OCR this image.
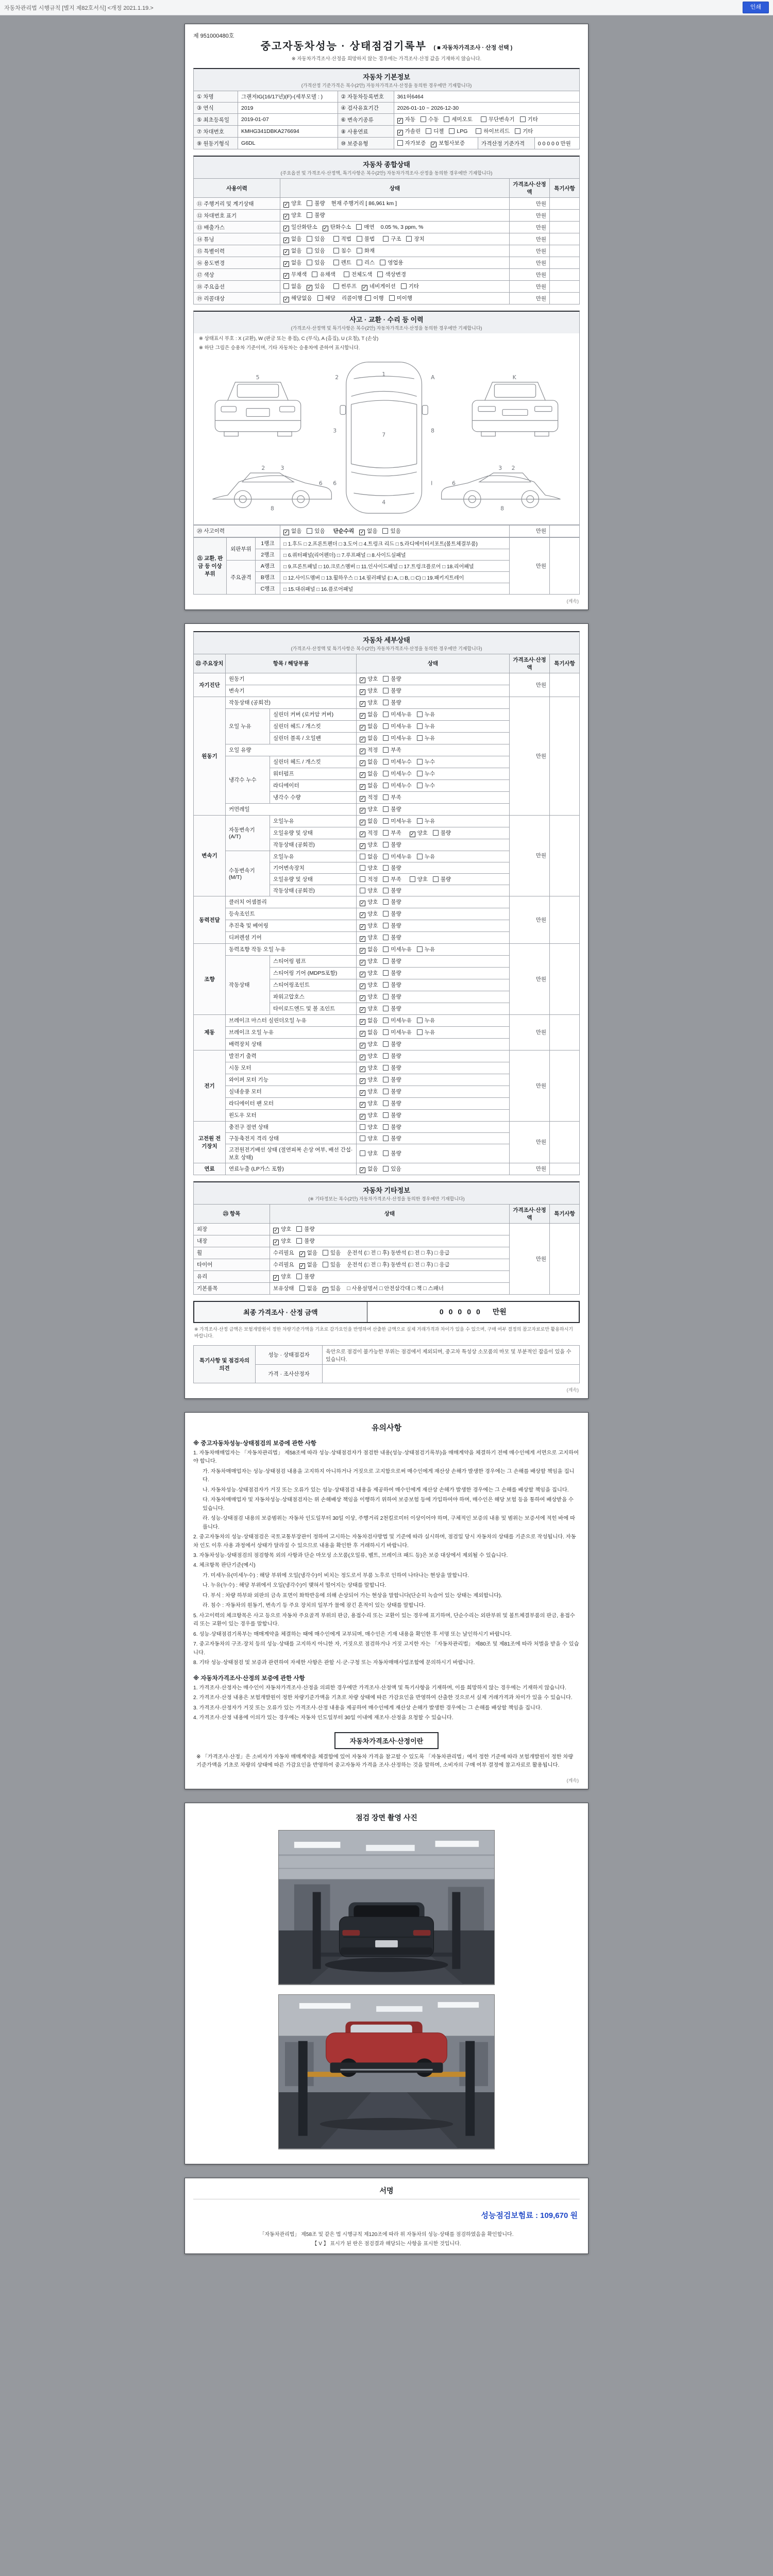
자동차관리법 시행규칙 [별지 제82호서식] <개정 2021.1.19.>	인쇄
제 951000480호
중고자동차성능 · 상태점검기록부 ( ■ 자동차가격조사 · 산정 선택 )
※ 자동차가격조사·산정을 희망하지 않는 경우에는 가격조사·산정 값을 기재하지 않습니다.
자동차 기본정보
(가격산정 기준가격은 복수(2안) 자동차가격조사·산정을 동의한 경우에만 기재합니다)
① 차명	그랜저IG(16/17년)(F)-(세부모델 : )	② 자동차등록번호	361허6464		
③ 연식	2019	④ 검사유효기간	2026-01-10 ~ 2026-12-30		
⑤ 최초등록일	2019-01-07	⑥ 변속기종류	✓ 자동 수동 세미오토 무단변속기 기타		
⑦ 차대번호	KMHG341DBKA276694	⑧ 사용연료	✓ 가솔린 디젤 LPG 하이브리드 기타		
⑨ 원동기형식	G6DL	⑩ 보증유형	자가보증 ✓ 보험사보증	가격산정 기준가격	0 0 0 0 0 만원
자동차 종합상태
(주요옵션 및 가격조사·산정액, 특기사항은 복수(2안) 자동차가격조사·산정을 동의한 경우에만 기재합니다)
사용이력	상태	가격조사·산정액	특기사항
⑪ 주행거리 및 계기상태	✓ 양호 불량 현재 주행거리 [ 86,961 km ]	만원	
⑫ 차대번호 표기	✓ 양호 불량	만원	
⑬ 배출가스	✓ 일산화탄소 ✓ 탄화수소 매연 0.05 %, 3 ppm, %	만원	
⑭ 튜닝	✓ 없음 있음 적법 불법 구조 장치	만원	
⑮ 특별이력	✓ 없음 있음 침수 화재	만원	
⑯ 용도변경	✓ 없음 있음 렌트 리스 영업용	만원	
⑰ 색상	✓ 무채색 유채색 전체도색 색상변경	만원	
⑱ 주요옵션	없음 ✓ 있음 썬루프 ✓ 네비게이션 기타	만원	
⑲ 리콜대상	✓ 해당없음 해당 리콜이행 : 이행 미이행	만원	
사고 · 교환 · 수리 등 이력
(가격조사·산정액 및 특기사항은 복수(2안) 자동차가격조사·산정을 동의한 경우에만 기재합니다)
※ 상태표시 부호 : X (교환), W (판금 또는 용접), C (부식), A (흠집), U (요철), T (손상)
※ 하단 그림은 승용차 기준이며, 기타 자동차는 승용차에 준하여 표시합니다.
5	1
7
4
2
3
6
8
A
I
2	3
6
8
3 2
6
8
K
⑳ 사고이력	✓ 없음 있음 단순수리 ✓ 없음 있음	만원	
㉑ 교환, 판금 등 이상 부위	외판부위	1랭크	□ 1.후드 □ 2.프론트펜더 □ 3.도어 □ 4.트렁크 리드 □ 5.라디에이터서포트(볼트체결부품)	만원	
		2랭크	□ 6.쿼터패널(리어펜더) □ 7.루프패널 □ 8.사이드실패널		
	주요골격	A랭크	□ 9.프론트패널 □ 10.크로스멤버 □ 11.인사이드패널 □ 17.트렁크플로어 □ 18.리어패널		
		B랭크	□ 12.사이드멤버 □ 13.휠하우스 □ 14.필러패널 (□ A, □ B, □ C) □ 19.패키지트레이		
		C랭크	□ 15.대쉬패널 □ 16.플로어패널		
(계속)
자동차 세부상태
(가격조사·산정액 및 특기사항은 복수(2안) 자동차가격조사·산정을 동의한 경우에만 기재합니다)
㉒ 주요장치	항목 / 해당부품		상태	가격조사·산정액	특기사항
자기진단	원동기		✓ 양호 불량	만원	
	변속기		✓ 양호 불량		
원동기	작동상태 (공회전)		✓ 양호 불량	만원	
	오일 누유	실린더 커버 (로커암 커버)	✓ 없음 미세누유 누유		
		실린더 헤드 / 개스킷	✓ 없음 미세누유 누유		
		실린더 블록 / 오일팬	✓ 없음 미세누유 누유		
	오일 유량		✓ 적정 부족		
	냉각수 누수	실린더 헤드 / 개스킷	✓ 없음 미세누수 누수		
		워터펌프	✓ 없음 미세누수 누수		
		라디에이터	✓ 없음 미세누수 누수		
		냉각수 수량	✓ 적정 부족		
	커먼레일		✓ 양호 불량		
변속기	자동변속기 (A/T)	오일누유	✓ 없음 미세누유 누유	만원	
		오일유량 및 상태	✓ 적정 부족 ✓ 양호 불량		
		작동상태 (공회전)	✓ 양호 불량		
	수동변속기 (M/T)	오일누유	없음 미세누유 누유		
		기어변속장치	양호 불량		
		오일유량 및 상태	적정 부족 양호 불량		
		작동상태 (공회전)	양호 불량		
동력전달	클러치 어셈블리		✓ 양호 불량	만원	
	등속조인트		✓ 양호 불량		
	추진축 및 베어링		✓ 양호 불량		
	디퍼렌셜 기어		✓ 양호 불량		
조향	동력조향 작동 오일 누유		✓ 없음 미세누유 누유	만원	
	작동상태	스티어링 펌프	✓ 양호 불량		
		스티어링 기어 (MDPS포함)	✓ 양호 불량		
		스티어링조인트	✓ 양호 불량		
		파워고압호스	✓ 양호 불량		
		타이로드엔드 및 볼 조인트	✓ 양호 불량		
제동	브레이크 마스터 실린더오일 누유		✓ 없음 미세누유 누유	만원	
	브레이크 오일 누유		✓ 없음 미세누유 누유		
	배력장치 상태		✓ 양호 불량		
전기	발전기 출력		✓ 양호 불량	만원	
	시동 모터		✓ 양호 불량		
	와이퍼 모터 기능		✓ 양호 불량		
	실내송풍 모터		✓ 양호 불량		
	라디에이터 팬 모터		✓ 양호 불량		
	윈도우 모터		✓ 양호 불량		
고전원 전기장치	충전구 절연 상태		양호 불량	만원	
	구동축전지 격리 상태		양호 불량		
	고전원전기배선 상태 (절연피복 손상 여부, 배선 간섭·보호 상태)		양호 불량		
연료	연료누출 (LP가스 포함)		✓ 없음 있음	만원	
자동차 기타정보
(※ 기타정보는 복수(2안) 자동차가격조사·산정을 동의한 경우에만 기재합니다)
㉓ 항목	상태	가격조사·산정액	특기사항
외장	✓ 양호 불량	만원	
내장	✓ 양호 불량		
휠	수리필요 ✓ 없음 있음 운전석 (□ 전 □ 후) 동반석 (□ 전 □ 후) □ 응급		
타이어	수리필요 ✓ 없음 있음 운전석 (□ 전 □ 후) 동반석 (□ 전 □ 후) □ 응급		
유리	✓ 양호 불량		
기본품목	보유상태 없음 ✓ 있음 □ 사용설명서 □ 안전삼각대 □ 잭 □ 스패너		
최종 가격조사 · 산정 금액	00000 만원
※ 가격조사·산정 금액은 보험개발원이 정한 차량기준가액을 기초로 감가요인을 반영하여 산출한 금액으로 실제 거래가격과 차이가 있을 수 있으며, 구매 여부 결정의 참고자료로만 활용하시기 바랍니다.
특기사항 및 점검자의 의견	성능 · 상태점검자	육안으로 점검이 불가능한 부위는 점검에서 제외되며, 중고차 특성상 소모품의 마모 및 부분적인 잡음이 있을 수 있습니다.
	가격 · 조사산정자	
(계속)
유의사항
※ 중고자동차성능·상태점검의 보증에 관한 사항

1. 자동차매매업자는 「자동차관리법」 제58조에 따라 성능·상태점검자가 점검한 내용(성능·상태점검기록부)을 매매계약을 체결하기 전에 매수인에게 서면으로 고지하여야 합니다.

가. 자동차매매업자는 성능·상태점검 내용을 고지하지 아니하거나 거짓으로 고지함으로써 매수인에게 재산상 손해가 발생한 경우에는 그 손해를 배상할 책임을 집니다.

나. 자동차성능·상태점검자가 거짓 또는 오류가 있는 성능·상태점검 내용을 제공하여 매수인에게 재산상 손해가 발생한 경우에는 그 손해를 배상할 책임을 집니다.

다. 자동차매매업자 및 자동차성능·상태점검자는 위 손해배상 책임을 이행하기 위하여 보증보험 등에 가입하여야 하며, 매수인은 해당 보험 등을 통하여 배상받을 수 있습니다.

라. 성능·상태점검 내용의 보증범위는 자동차 인도일부터 30일 이상, 주행거리 2천킬로미터 이상이어야 하며, 구체적인 보증의 내용 및 범위는 보증서에 적힌 바에 따릅니다.

2. 중고자동차의 성능·상태점검은 국토교통부장관이 정하여 고시하는 자동차검사방법 및 기준에 따라 실시하며, 점검일 당시 자동차의 상태를 기준으로 작성됩니다. 자동차 인도 이후 사용 과정에서 상태가 달라질 수 있으므로 내용을 확인한 후 거래하시기 바랍니다.

3. 자동차성능·상태점검의 점검항목 외의 사항과 단순 마모성 소모품(오일류, 벨트, 브레이크 패드 등)은 보증 대상에서 제외될 수 있습니다.

4. 체크항목 판단기준(예시)

가. 미세누유(미세누수) : 해당 부위에 오일(냉각수)이 비치는 정도로서 부품 노후로 인하여 나타나는 현상을 말합니다.

나. 누유(누수) : 해당 부위에서 오일(냉각수)이 맺혀서 떨어지는 상태를 말합니다.

다. 부식 : 차량 하부와 외판의 금속 표면이 화학반응에 의해 손상되어 가는 현상을 말합니다(단순히 녹슬어 있는 상태는 제외합니다).

라. 침수 : 자동차의 원동기, 변속기 등 주요 장치의 일부가 물에 잠긴 흔적이 있는 상태를 말합니다.

5. 사고이력의 체크항목은 사고 등으로 자동차 주요골격 부위의 판금, 용접수리 또는 교환이 있는 경우에 표기하며, 단순수리는 외판부위 및 볼트체결부품의 판금, 용접수리 또는 교환이 있는 경우를 말합니다.

6. 성능·상태점검기록부는 매매계약을 체결하는 때에 매수인에게 교부되며, 매수인은 기재 내용을 확인한 후 서명 또는 날인하시기 바랍니다.

7. 중고자동차의 구조·장치 등의 성능·상태를 고지하지 아니한 자, 거짓으로 점검하거나 거짓 고지한 자는 「자동차관리법」 제80조 및 제81조에 따라 처벌을 받을 수 있습니다.

8. 기타 성능·상태점검 및 보증과 관련하여 자세한 사항은 관할 시·군·구청 또는 자동차매매사업조합에 문의하시기 바랍니다.

※ 자동차가격조사·산정의 보증에 관한 사항

1. 가격조사·산정자는 매수인이 자동차가격조사·산정을 의뢰한 경우에만 가격조사·산정액 및 특기사항을 기재하며, 이를 희망하지 않는 경우에는 기재하지 않습니다.

2. 가격조사·산정 내용은 보험개발원이 정한 차량기준가액을 기초로 차량 상태에 따른 가감요인을 반영하여 산출한 것으로서 실제 거래가격과 차이가 있을 수 있습니다.

3. 가격조사·산정자가 거짓 또는 오류가 있는 가격조사·산정 내용을 제공하여 매수인에게 재산상 손해가 발생한 경우에는 그 손해를 배상할 책임을 집니다.

4. 가격조사·산정 내용에 이의가 있는 경우에는 자동차 인도일부터 30일 이내에 재조사·산정을 요청할 수 있습니다.

자동차가격조사·산정이란
※ 「가격조사·산정」은 소비자가 자동차 매매계약을 체결함에 있어 자동차 가격을 참고할 수 있도록 「자동차관리법」에서 정한 기준에 따라 보험개발원이 정한 차량기준가액을 기초로 차량의 상태에 따른 가감요인을 반영하여 중고자동차 가격을 조사·산정하는 것을 말하며, 소비자의 구매 여부 결정에 참고자료로 활용됩니다.
(계속)
점검 장면 촬영 사진
서명
성능점검보험료 : 109,670 원
「자동차관리법」 제58조 및 같은 법 시행규칙 제120조에 따라 위 자동차의 성능·상태를 점검하였음을 확인합니다.
【 V 】 표시가 된 란은 점검결과 해당되는 사항을 표시한 것입니다.
